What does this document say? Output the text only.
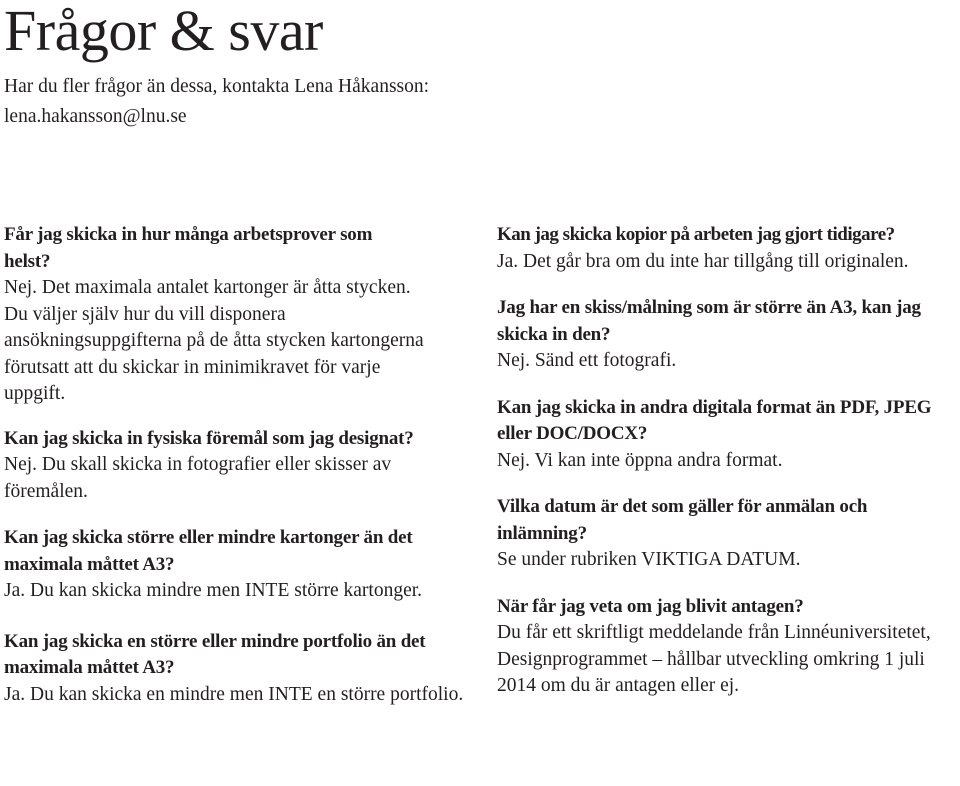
Frågor & svar

Har du fler frågor än dessa, kontakta Lena Håkansson:
lena.hakansson@lnu.se

Får jag skicka in hur många arbetsprover som helst?
Nej. Det maximala antalet kartonger är åtta stycken. Du väljer själv hur du vill disponera ansökningsuppgifterna på de åtta stycken kartongerna förutsatt att du skickar in minimikravet för varje uppgift.
Kan jag skicka in fysiska föremål som jag designat?
Nej. Du skall skicka in fotografier eller skisser av föremålen.
Kan jag skicka större eller mindre kartonger än det maximala måttet A3?
Ja. Du kan skicka mindre men INTE större kartonger.
Kan jag skicka en större eller mindre portfolio än det maximala måttet A3?
Ja. Du kan skicka en mindre men INTE en större portfolio.
Kan jag skicka kopior på arbeten jag gjort tidigare?
Ja. Det går bra om du inte har tillgång till originalen.
Jag har en skiss/målning som är större än A3, kan jag skicka in den?
Nej. Sänd ett fotografi.
Kan jag skicka in andra digitala format än PDF, JPEG eller DOC/DOCX?
Nej. Vi kan inte öppna andra format.
Vilka datum är det som gäller för anmälan och inlämning?
Se under rubriken VIKTIGA DATUM.
När får jag veta om jag blivit antagen?
Du får ett skriftligt meddelande från Linnéuniversitetet, Designprogrammet – hållbar utveckling omkring 1 juli 2014 om du är antagen eller ej.
